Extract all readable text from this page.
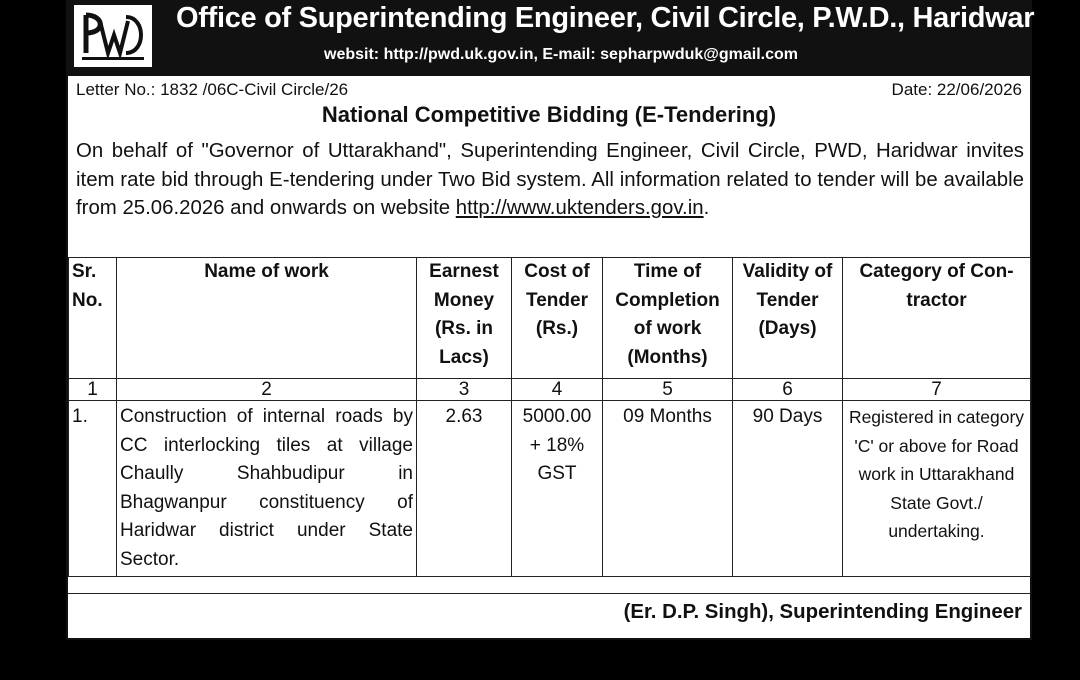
Office of Superintending Engineer, Civil Circle, P.W.D., Haridwar
websit: http://pwd.uk.gov.in, E-mail: sepharpwduk@gmail.com
Letter No.: 1832 /06C-Civil Circle/26	Date: 22/06/2026
National Competitive Bidding (E-Tendering)
On behalf of "Governor of Uttarakhand", Superintending Engineer, Civil Circle, PWD, Haridwar invites item rate bid through E-tendering under Two Bid system. All information related to tender will be available from 25.06.2026 and onwards on website http://www.uktenders.gov.in.
Sr. No.	Name of work	Earnest Money (Rs. in Lacs)	Cost of Tender (Rs.)	Time of Completion of work (Months)	Validity of Tender (Days)	Category of Con-tractor
1	2	3	4	5	6	7
1.	Construction of internal roads by CC interlocking tiles at village Chaully Shahbudipur in Bhagwanpur constituency of Haridwar district under State Sector.	2.63	5000.00 + 18% GST	09 Months	90 Days	Registered in category 'C' or above for Road work in Uttarakhand State Govt./ undertaking.
(Er. D.P. Singh), Superintending Engineer
